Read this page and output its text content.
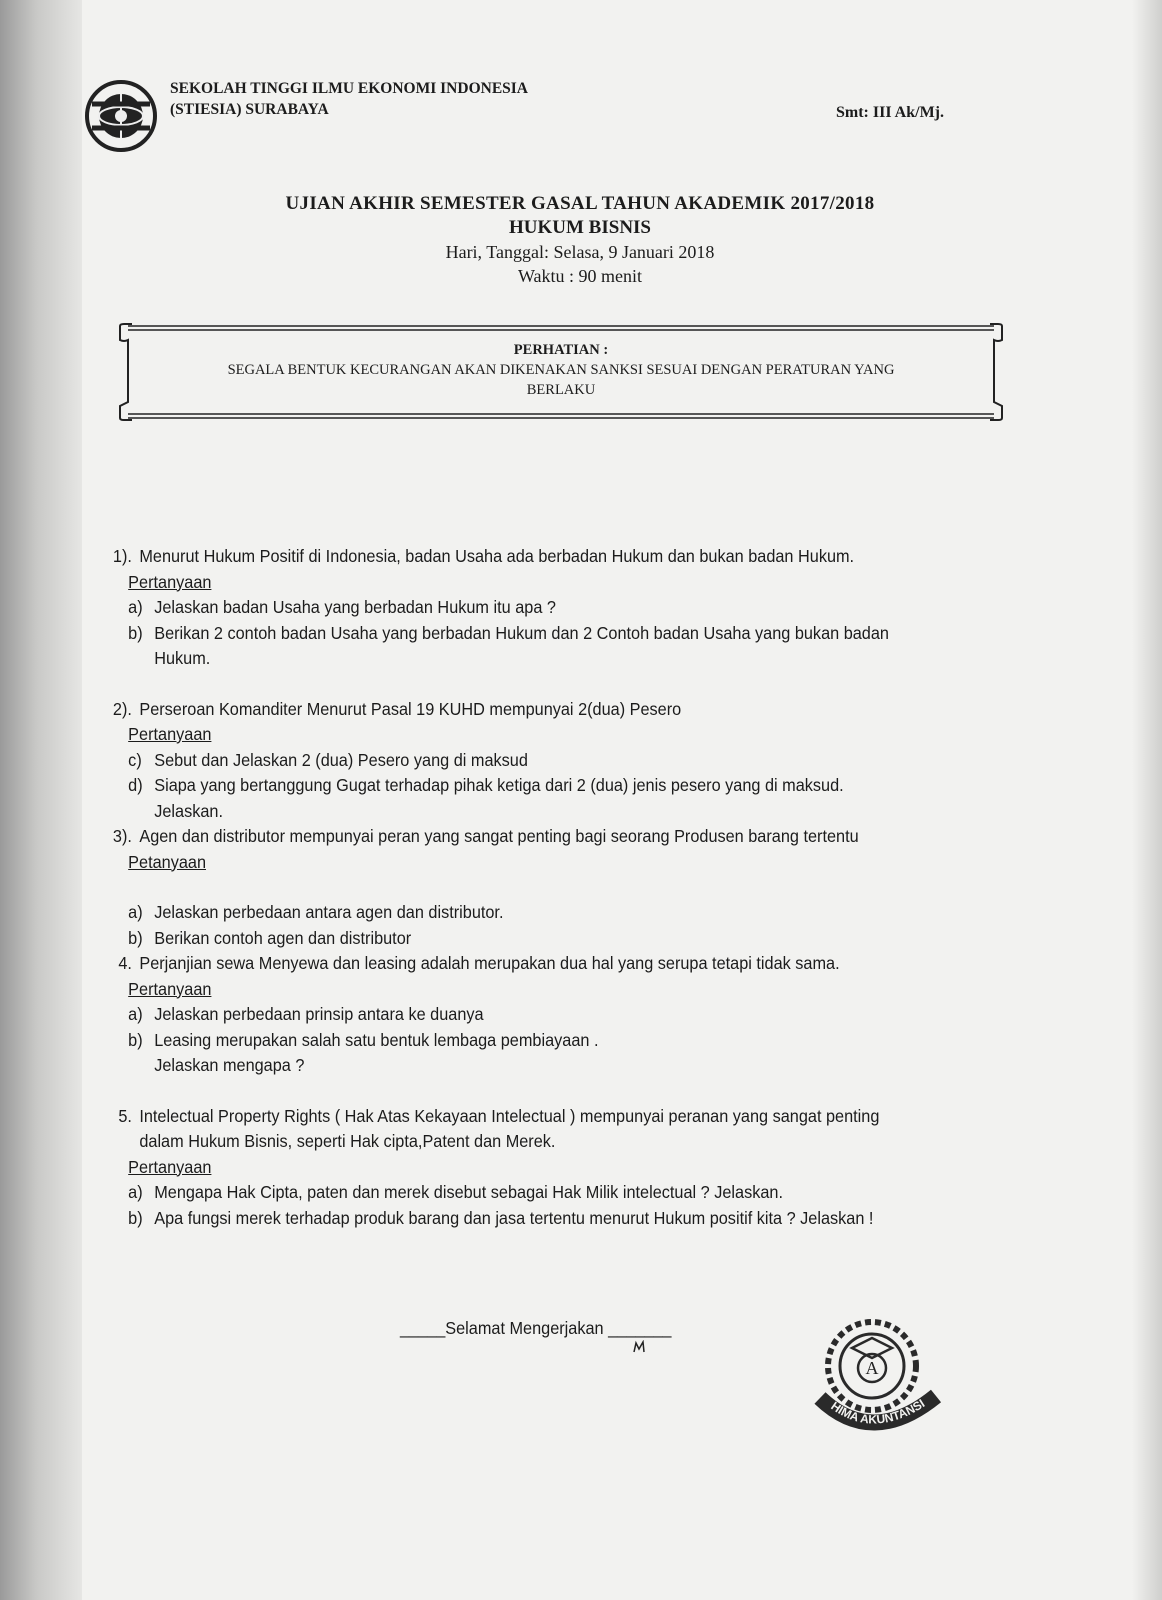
SEKOLAH TINGGI ILMU EKONOMI INDONESIA
(STIESIA) SURABAYA	Smt: III Ak/Mj.
UJIAN AKHIR SEMESTER GASAL TAHUN AKADEMIK 2017/2018
HUKUM BISNIS
Hari, Tanggal: Selasa, 9 Januari 2018
Waktu : 90 menit
PERHATIAN :
SEGALA BENTUK KECURANGAN AKAN DIKENAKAN SANKSI SESUAI DENGAN PERATURAN YANG
BERLAKU
1). Menurut Hukum Positif di Indonesia, badan Usaha ada berbadan Hukum dan bukan badan Hukum.
Pertanyaan
a) Jelaskan badan Usaha yang berbadan Hukum itu apa ?
b) Berikan 2 contoh badan Usaha yang berbadan Hukum dan 2 Contoh badan Usaha yang bukan badan Hukum.
2). Perseroan Komanditer Menurut Pasal 19 KUHD mempunyai 2(dua) Pesero
Pertanyaan
c) Sebut dan Jelaskan 2 (dua) Pesero yang di maksud
d) Siapa yang bertanggung Gugat terhadap pihak ketiga dari 2 (dua) jenis pesero yang di maksud. Jelaskan.
3). Agen dan distributor mempunyai peran yang sangat penting bagi seorang Produsen barang tertentu
Petanyaan
a) Jelaskan perbedaan antara agen dan distributor.
b) Berikan contoh agen dan distributor
4. Perjanjian sewa Menyewa dan leasing adalah merupakan dua hal yang serupa tetapi tidak sama.
Pertanyaan
a) Jelaskan perbedaan prinsip antara ke duanya
b) Leasing merupakan salah satu bentuk lembaga pembiayaan . Jelaskan mengapa ?
5. Intelectual Property Rights ( Hak Atas Kekayaan Intelectual ) mempunyai peranan yang sangat penting dalam Hukum Bisnis, seperti Hak cipta,Patent dan Merek.
Pertanyaan
a) Mengapa Hak Cipta, paten dan merek disebut sebagai Hak Milik intelectual ? Jelaskan.
b) Apa fungsi merek terhadap produk barang dan jasa tertentu menurut Hukum positif kita ? Jelaskan !
_____Selamat Mengerjakan _______
A
HIMA AKUNTANSI
